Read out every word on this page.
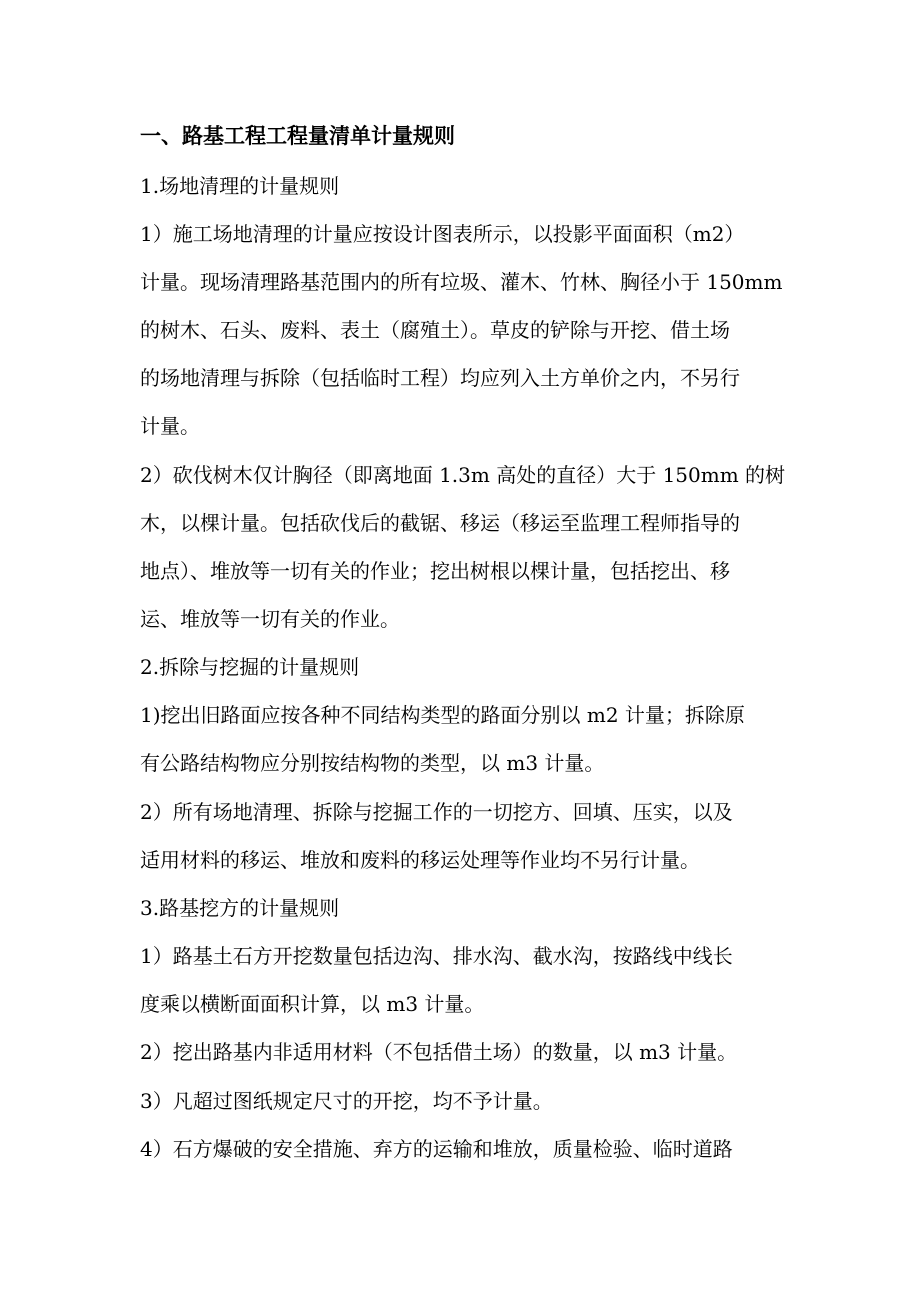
一、路基工程工程量清单计量规则
1.场地清理的计量规则
1）施工场地清理的计量应按设计图表所示，以投影平面面积（m2）
计量。现场清理路基范围内的所有垃圾、灌木、竹林、胸径小于 150mm
的树木、石头、废料、表土（腐殖土）。草皮的铲除与开挖、借土场
的场地清理与拆除（包括临时工程）均应列入土方单价之内，不另行
计量。
2）砍伐树木仅计胸径（即离地面 1.3m 高处的直径）大于 150mm 的树
木，以棵计量。包括砍伐后的截锯、移运（移运至监理工程师指导的
地点）、堆放等一切有关的作业；挖出树根以棵计量，包括挖出、移
运、堆放等一切有关的作业。
2.拆除与挖掘的计量规则
1)挖出旧路面应按各种不同结构类型的路面分别以 m2 计量；拆除原
有公路结构物应分别按结构物的类型，以 m3 计量。
2）所有场地清理、拆除与挖掘工作的一切挖方、回填、压实，以及
适用材料的移运、堆放和废料的移运处理等作业均不另行计量。
3.路基挖方的计量规则
1）路基土石方开挖数量包括边沟、排水沟、截水沟，按路线中线长
度乘以横断面面积计算，以 m3 计量。
2）挖出路基内非适用材料（不包括借土场）的数量，以 m3 计量。
3）凡超过图纸规定尺寸的开挖，均不予计量。
4）石方爆破的安全措施、弃方的运输和堆放，质量检验、临时道路
